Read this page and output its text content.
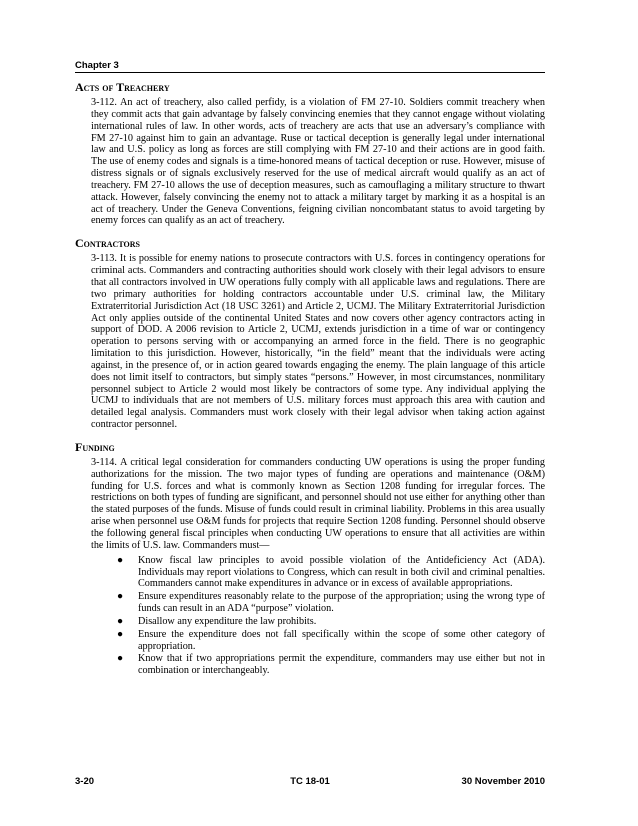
Chapter 3
Acts of Treachery

3-112. An act of treachery, also called perfidy, is a violation of FM 27-10. Soldiers commit treachery when they commit acts that gain advantage by falsely convincing enemies that they cannot engage without violating international rules of law. In other words, acts of treachery are acts that use an adversary’s compliance with FM 27-10 against him to gain an advantage. Ruse or tactical deception is generally legal under international law and U.S. policy as long as forces are still complying with FM 27-10 and their actions are in good faith. The use of enemy codes and signals is a time-honored means of tactical deception or ruse. However, misuse of distress signals or of signals exclusively reserved for the use of medical aircraft would qualify as an act of treachery. FM 27-10 allows the use of deception measures, such as camouflaging a military structure to thwart attack. However, falsely convincing the enemy not to attack a military target by marking it as a hospital is an act of treachery. Under the Geneva Conventions, feigning civilian noncombatant status to avoid targeting by enemy forces can qualify as an act of treachery.

Contractors

3-113. It is possible for enemy nations to prosecute contractors with U.S. forces in contingency operations for criminal acts. Commanders and contracting authorities should work closely with their legal advisors to ensure that all contractors involved in UW operations fully comply with all applicable laws and regulations. There are two primary authorities for holding contractors accountable under U.S. criminal law, the Military Extraterritorial Jurisdiction Act (18 USC 3261) and Article 2, UCMJ. The Military Extraterritorial Jurisdiction Act only applies outside of the continental United States and now covers other agency contractors acting in support of DOD. A 2006 revision to Article 2, UCMJ, extends jurisdiction in a time of war or contingency operation to persons serving with or accompanying an armed force in the field. There is no geographic limitation to this jurisdiction. However, historically, “in the field” meant that the individuals were acting against, in the presence of, or in action geared towards engaging the enemy. The plain language of this article does not limit itself to contractors, but simply states “persons.” However, in most circumstances, nonmilitary personnel subject to Article 2 would most likely be contractors of some type. Any individual applying the UCMJ to individuals that are not members of U.S. military forces must approach this area with caution and detailed legal analysis. Commanders must work closely with their legal advisor when taking action against contractor personnel.

Funding

3-114. A critical legal consideration for commanders conducting UW operations is using the proper funding authorizations for the mission. The two major types of funding are operations and maintenance (O&M) funding for U.S. forces and what is commonly known as Section 1208 funding for irregular forces. The restrictions on both types of funding are significant, and personnel should not use either for anything other than the stated purposes of the funds. Misuse of funds could result in criminal liability. Problems in this area usually arise when personnel use O&M funds for projects that require Section 1208 funding. Personnel should observe the following general fiscal principles when conducting UW operations to ensure that all activities are within the limits of U.S. law. Commanders must—

● Know fiscal law principles to avoid possible violation of the Antideficiency Act (ADA). Individuals may report violations to Congress, which can result in both civil and criminal penalties. Commanders cannot make expenditures in advance or in excess of available appropriations.
● Ensure expenditures reasonably relate to the purpose of the appropriation; using the wrong type of funds can result in an ADA “purpose” violation.
● Disallow any expenditure the law prohibits.
● Ensure the expenditure does not fall specifically within the scope of some other category of appropriation.
● Know that if two appropriations permit the expenditure, commanders may use either but not in combination or interchangeably.
3-20	TC 18-01	30 November 2010
